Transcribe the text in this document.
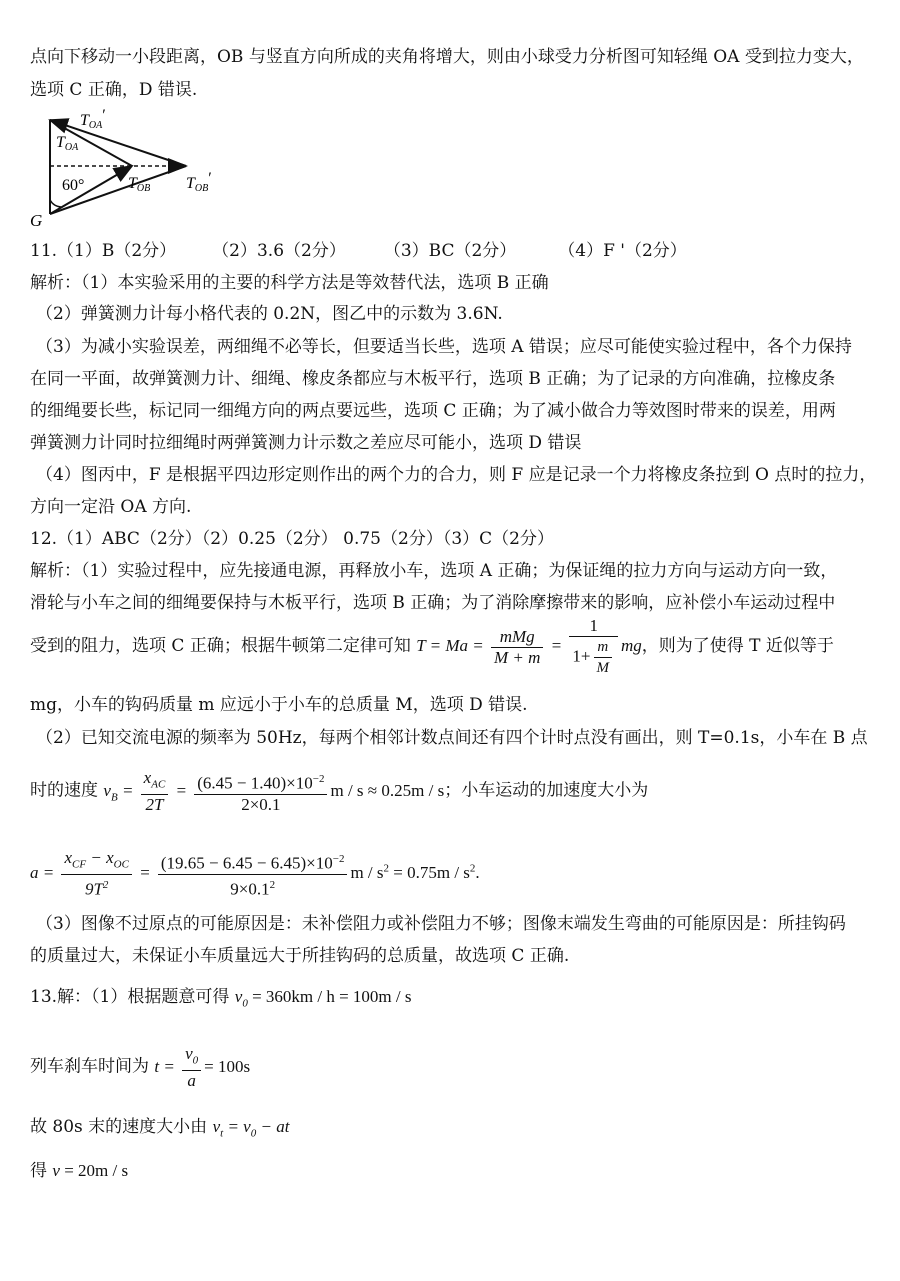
点向下移动一小段距离，OB 与竖直方向所成的夹角将增大，则由小球受力分析图可知轻绳 OA 受到拉力变大，
选项 C 正确，D 错误.
TOA′
TOA
60°	TOB TOB′
G
11.（1）B（2分） （2）3.6（2分） （3）BC（2分） （4）F '（2分）
解析：（1）本实验采用的主要的科学方法是等效替代法，选项 B 正确
（2）弹簧测力计每小格代表的 0.2N，图乙中的示数为 3.6N.
（3）为减小实验误差，两细绳不必等长，但要适当长些，选项 A 错误；应尽可能使实验过程中，各个力保持
在同一平面，故弹簧测力计、细绳、橡皮条都应与木板平行，选项 B 正确；为了记录的方向准确，拉橡皮条
的细绳要长些，标记同一细绳方向的两点要远些，选项 C 正确；为了减小做合力等效图时带来的误差，用两
弹簧测力计同时拉细绳时两弹簧测力计示数之差应尽可能小，选项 D 错误
（4）图丙中，F 是根据平四边形定则作出的两个力的合力，则 F 应是记录一个力将橡皮条拉到 O 点时的拉力，
方向一定沿 OA 方向.
12.（1）ABC（2分）（2）0.25（2分） 0.75（2分）（3）C（2分）
解析：（1）实验过程中，应先接通电源，再释放小车，选项 A 正确；为保证绳的拉力方向与运动方向一致，
滑轮与小车之间的细绳要保持与木板平行，选项 B 正确；为了消除摩擦带来的影响，应补偿小车运动过程中
受到的阻力，选项 C 正确；根据牛顿第二定律可知 $T = Ma = \frac{\text{mMg}}{M + m} = \frac{1}{1+ \frac{m}{M}}$ mg，则为了使得 T 近似等于
mg，小车的钩码质量 m 应远小于小车的总质量 M，选项 D 错误.
（2）已知交流电源的频率为 50Hz，每两个相邻计数点间还有四个计时点没有画出，则 T=0.1s，小车在 B 点
时的速度 $v_B = \frac{x_{AC}}{2T} = \frac{(6.45 - 1.40)\times 10^{-2}}{2\times 0.1}$ m / s ≈ 0.25m / s；小车运动的加速度大小为
$a = \frac{x_{CF} - x_{OC}}{9T^2} = \frac{(19.65 - 6.45 - 6.45)\times 10^{-2}}{9\times 0.1^2}$ $m / s^2 = 0.75m / s^2$.
（3）图像不过原点的可能原因是：未补偿阻力或补偿阻力不够；图像末端发生弯曲的可能原因是：所挂钩码
的质量过大，未保证小车质量远大于所挂钩码的总质量，故选项 C 正确.
13.解：（1）根据题意可得 $v_0 = 360km / h = 100m / s$
列车刹车时间为 $t = \frac{v_0}{a} = 100s$
故 80s 末的速度大小由 $v_t = v_0$ − at
得 v = 20m / s
